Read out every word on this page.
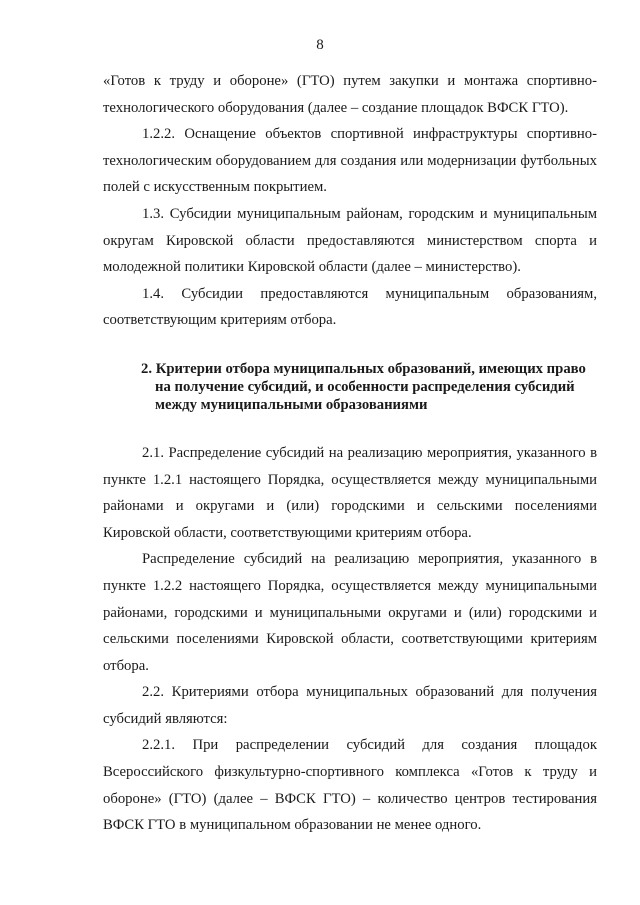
8

«Готов к труду и обороне» (ГТО) путем закупки и монтажа спортивно-технологического оборудования (далее – создание площадок ВФСК ГТО).

1.2.2. Оснащение объектов спортивной инфраструктуры спортивно-технологическим оборудованием для создания или модернизации футбольных полей с искусственным покрытием.

1.3. Субсидии муниципальным районам, городским и муниципальным округам Кировской области предоставляются министерством спорта и молодежной политики Кировской области (далее – министерство).

1.4. Субсидии предоставляются муниципальным образованиям, соответствующим критериям отбора.

2. Критерии отбора муниципальных образований, имеющих право
на получение субсидий, и особенности распределения субсидий
между муниципальными образованиями

2.1. Распределение субсидий на реализацию мероприятия, указанного в пункте 1.2.1 настоящего Порядка, осуществляется между муниципальными районами и округами и (или) городскими и сельскими поселениями Кировской области, соответствующими критериям отбора.

Распределение субсидий на реализацию мероприятия, указанного в пункте 1.2.2 настоящего Порядка, осуществляется между муниципальными районами, городскими и муниципальными округами и (или) городскими и сельскими поселениями Кировской области, соответствующими критериям отбора.

2.2. Критериями отбора муниципальных образований для получения субсидий являются:

2.2.1. При распределении субсидий для создания площадок Всероссийского физкультурно-спортивного комплекса «Готов к труду и обороне» (ГТО) (далее – ВФСК ГТО) – количество центров тестирования ВФСК ГТО в муниципальном образовании не менее одного.
